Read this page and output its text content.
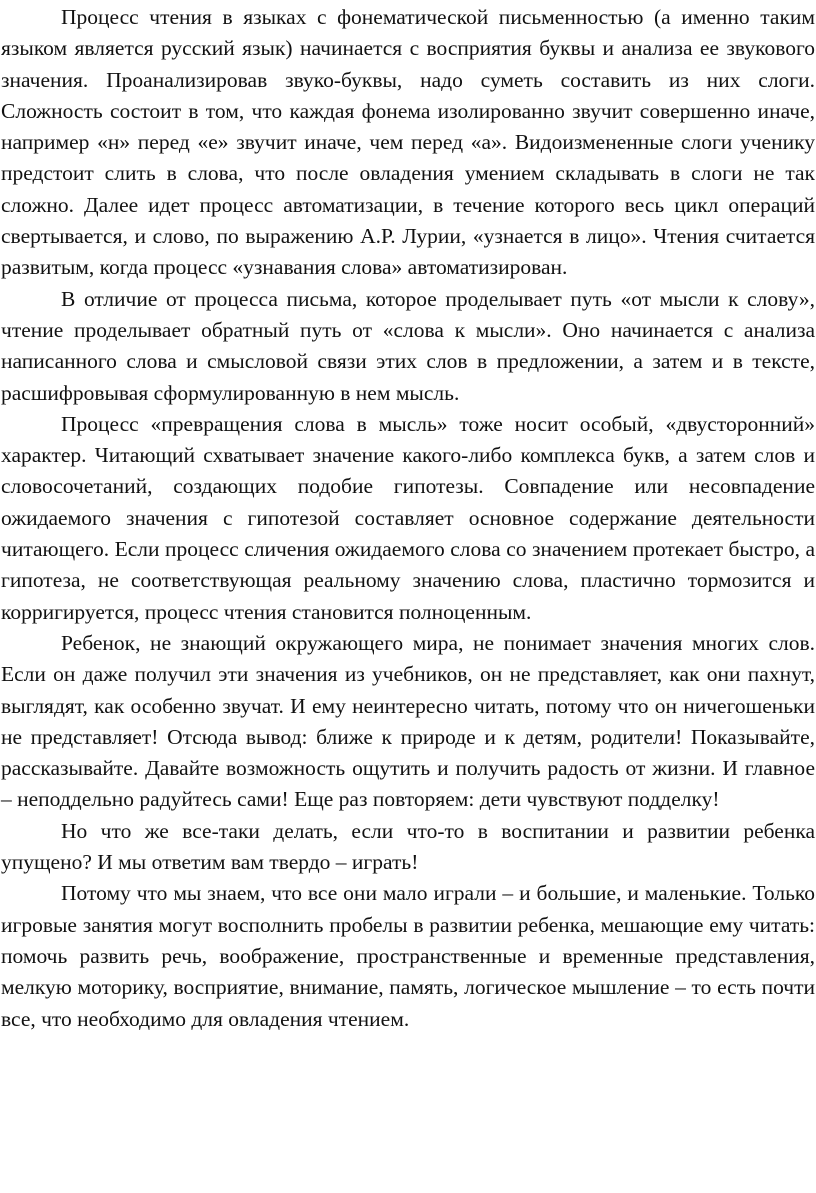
Процесс чтения в языках с фонематической письменностью (а именно таким языком является русский язык) начинается с восприятия буквы и анализа ее звукового значения. Проанализировав звуко-буквы, надо суметь составить из них слоги. Сложность состоит в том, что каждая фонема изолированно звучит совершенно иначе, например «н» перед «е» звучит иначе, чем перед «а». Видоизмененные слоги ученику предстоит слить в слова, что после овладения умением складывать в слоги не так сложно. Далее идет процесс автоматизации, в течение которого весь цикл операций свертывается, и слово, по выражению А.Р. Лурии, «узнается в лицо». Чтения считается развитым, когда процесс «узнавания слова» автоматизирован.

В отличие от процесса письма, которое проделывает путь «от мысли к слову», чтение проделывает обратный путь от «слова к мысли». Оно начинается с анализа написанного слова и смысловой связи этих слов в предложении, а затем и в тексте, расшифровывая сформулированную в нем мысль.

Процесс «превращения слова в мысль» тоже носит особый, «двусторонний» характер. Читающий схватывает значение какого-либо комплекса букв, а затем слов и словосочетаний, создающих подобие гипотезы. Совпадение или несовпадение ожидаемого значения с гипотезой составляет основное содержание деятельности читающего. Если процесс сличения ожидаемого слова со значением протекает быстро, а гипотеза, не соответствующая реальному значению слова, пластично тормозится и корригируется, процесс чтения становится полноценным.

Ребенок, не знающий окружающего мира, не понимает значения многих слов. Если он даже получил эти значения из учебников, он не представляет, как они пахнут, выглядят, как особенно звучат. И ему неинтересно читать, потому что он ничегошеньки не представляет! Отсюда вывод: ближе к природе и к детям, родители! Показывайте, рассказывайте. Давайте возможность ощутить и получить радость от жизни. И главное – неподдельно радуйтесь сами! Еще раз повторяем: дети чувствуют подделку!

Но что же все-таки делать, если что-то в воспитании и развитии ребенка упущено? И мы ответим вам твердо – играть!

Потому что мы знаем, что все они мало играли – и большие, и маленькие. Только игровые занятия могут восполнить пробелы в развитии ребенка, мешающие ему читать: помочь развить речь, воображение, пространственные и временные представления, мелкую моторику, восприятие, внимание, память, логическое мышление – то есть почти все, что необходимо для овладения чтением.
